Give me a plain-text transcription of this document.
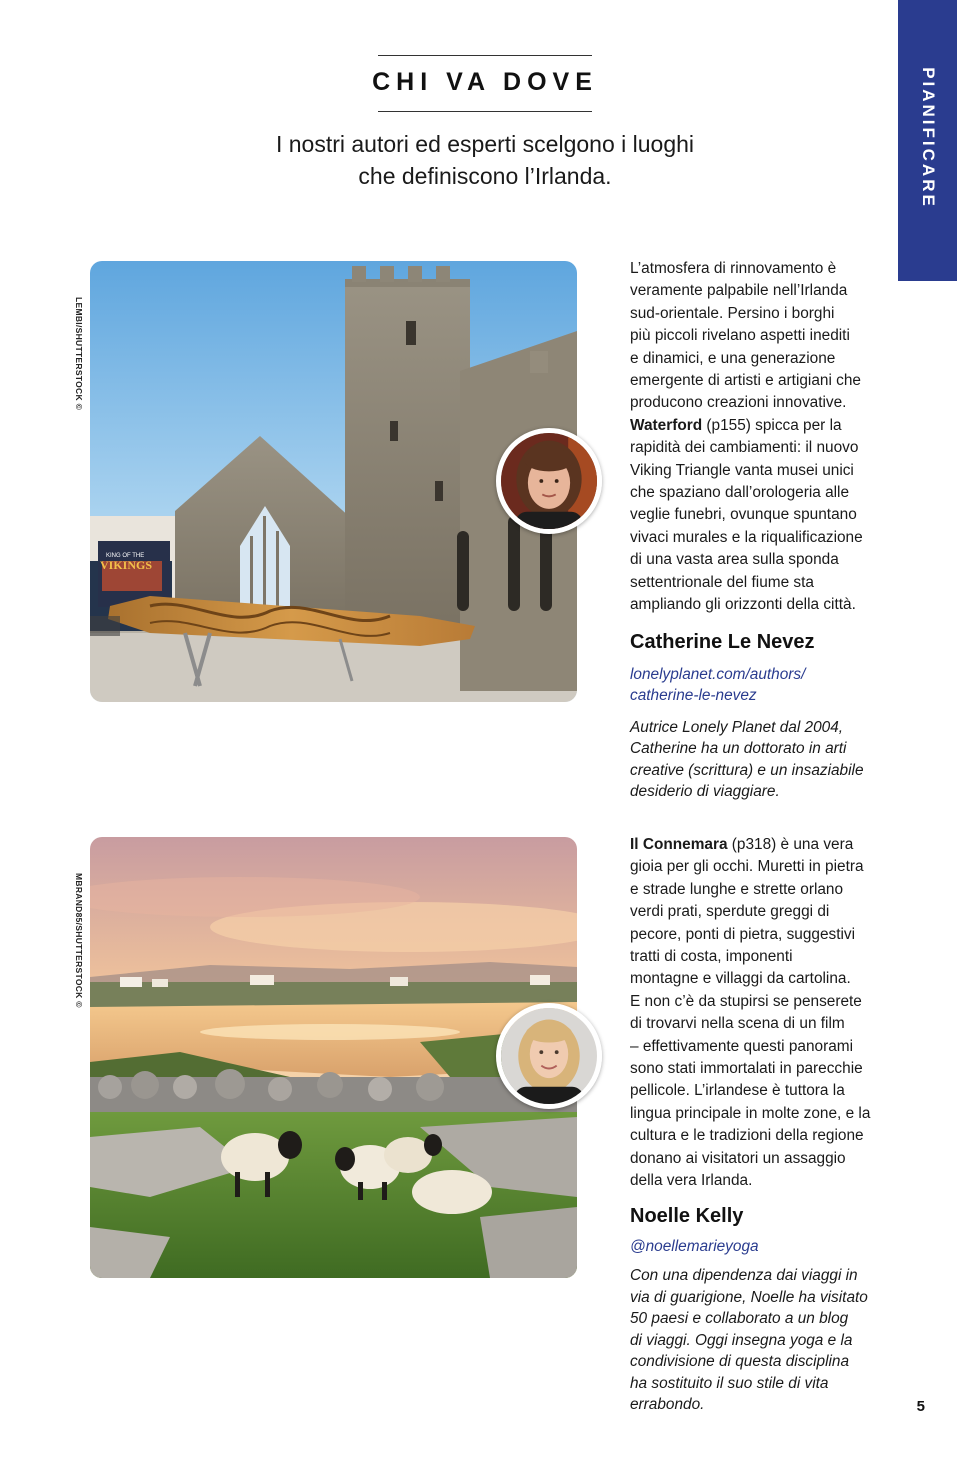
PIANIFICARE
CHI VA DOVE
I nostri autori ed esperti scelgono i luoghi
che definiscono l’Irlanda.
LEMBI/SHUTTERSTOCK ©
KING OF THE
VIKINGS

L’atmosfera di rinnovamento è
veramente palpabile nell’Irlanda
sud-orientale. Persino i borghi
più piccoli rivelano aspetti inediti
e dinamici, e una generazione
emergente di artisti e artigiani che
producono creazioni innovative.
Waterford (p155) spicca per la
rapidità dei cambiamenti: il nuovo
Viking Triangle vanta musei unici
che spaziano dall’orologeria alle
veglie funebri, ovunque spuntano
vivaci murales e la riqualificazione
di una vasta area sulla sponda
settentrionale del fiume sta
ampliando gli orizzonti della città.

Catherine Le Nevez

lonelyplanet.com/authors/
catherine-le-nevez

Autrice Lonely Planet dal 2004,
Catherine ha un dottorato in arti
creative (scrittura) e un insaziabile
desiderio di viaggiare.

MBRAND85/SHUTTERSTOCK ©

Il Connemara (p318) è una vera
gioia per gli occhi. Muretti in pietra
e strade lunghe e strette orlano
verdi prati, sperdute greggi di
pecore, ponti di pietra, suggestivi
tratti di costa, imponenti
montagne e villaggi da cartolina.
E non c’è da stupirsi se penserete
di trovarvi nella scena di un film
– effettivamente questi panorami
sono stati immortalati in parecchie
pellicole. L’irlandese è tuttora la
lingua principale in molte zone, e la
cultura e le tradizioni della regione
donano ai visitatori un assaggio
della vera Irlanda.

Noelle Kelly

@noellemarieyoga

Con una dipendenza dai viaggi in
via di guarigione, Noelle ha visitato
50 paesi e collaborato a un blog
di viaggi. Oggi insegna yoga e la
condivisione di questa disciplina
ha sostituito il suo stile di vita
errabondo.	5
